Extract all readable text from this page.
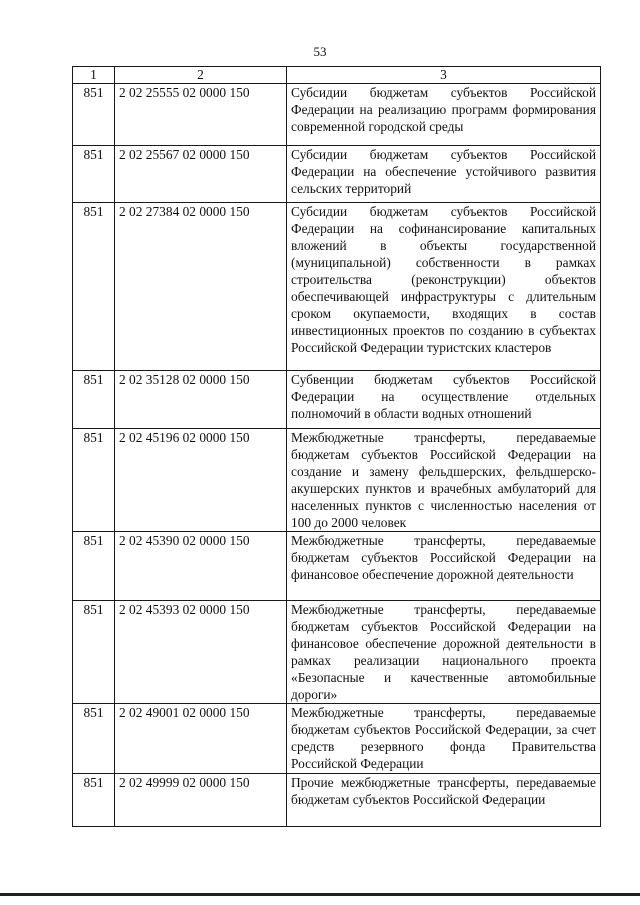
53
1	2	3
851	2 02 25555 02 0000 150	Субсидии бюджетам субъектов Российской Федерации на реализацию программ формирования современной городской среды
851	2 02 25567 02 0000 150	Субсидии бюджетам субъектов Российской Федерации на обеспечение устойчивого развития сельских территорий
851	2 02 27384 02 0000 150	Субсидии бюджетам субъектов Российской Федерации на софинансирование капитальных вложений в объекты государственной (муниципальной) собственности в рамках строительства (реконструкции) объектов обеспечивающей инфраструктуры с длительным сроком окупаемости, входящих в состав инвестиционных проектов по созданию в субъектах Российской Федерации туристских кластеров
851	2 02 35128 02 0000 150	Субвенции бюджетам субъектов Российской Федерации на осуществление отдельных полномочий в области водных отношений
851	2 02 45196 02 0000 150	Межбюджетные трансферты, передаваемые бюджетам субъектов Российской Федерации на создание и замену фельдшерских, фельдшерско-акушерских пунктов и врачебных амбулаторий для населенных пунктов с численностью населения от 100 до 2000 человек
851	2 02 45390 02 0000 150	Межбюджетные трансферты, передаваемые бюджетам субъектов Российской Федерации на финансовое обеспечение дорожной деятельности
851	2 02 45393 02 0000 150	Межбюджетные трансферты, передаваемые бюджетам субъектов Российской Федерации на финансовое обеспечение дорожной деятельности в рамках реализации национального проекта «Безопасные и качественные автомобильные дороги»
851	2 02 49001 02 0000 150	Межбюджетные трансферты, передаваемые бюджетам субъектов Российской Федерации, за счет средств резервного фонда Правительства Российской Федерации
851	2 02 49999 02 0000 150	Прочие межбюджетные трансферты, передаваемые бюджетам субъектов Российской Федерации
